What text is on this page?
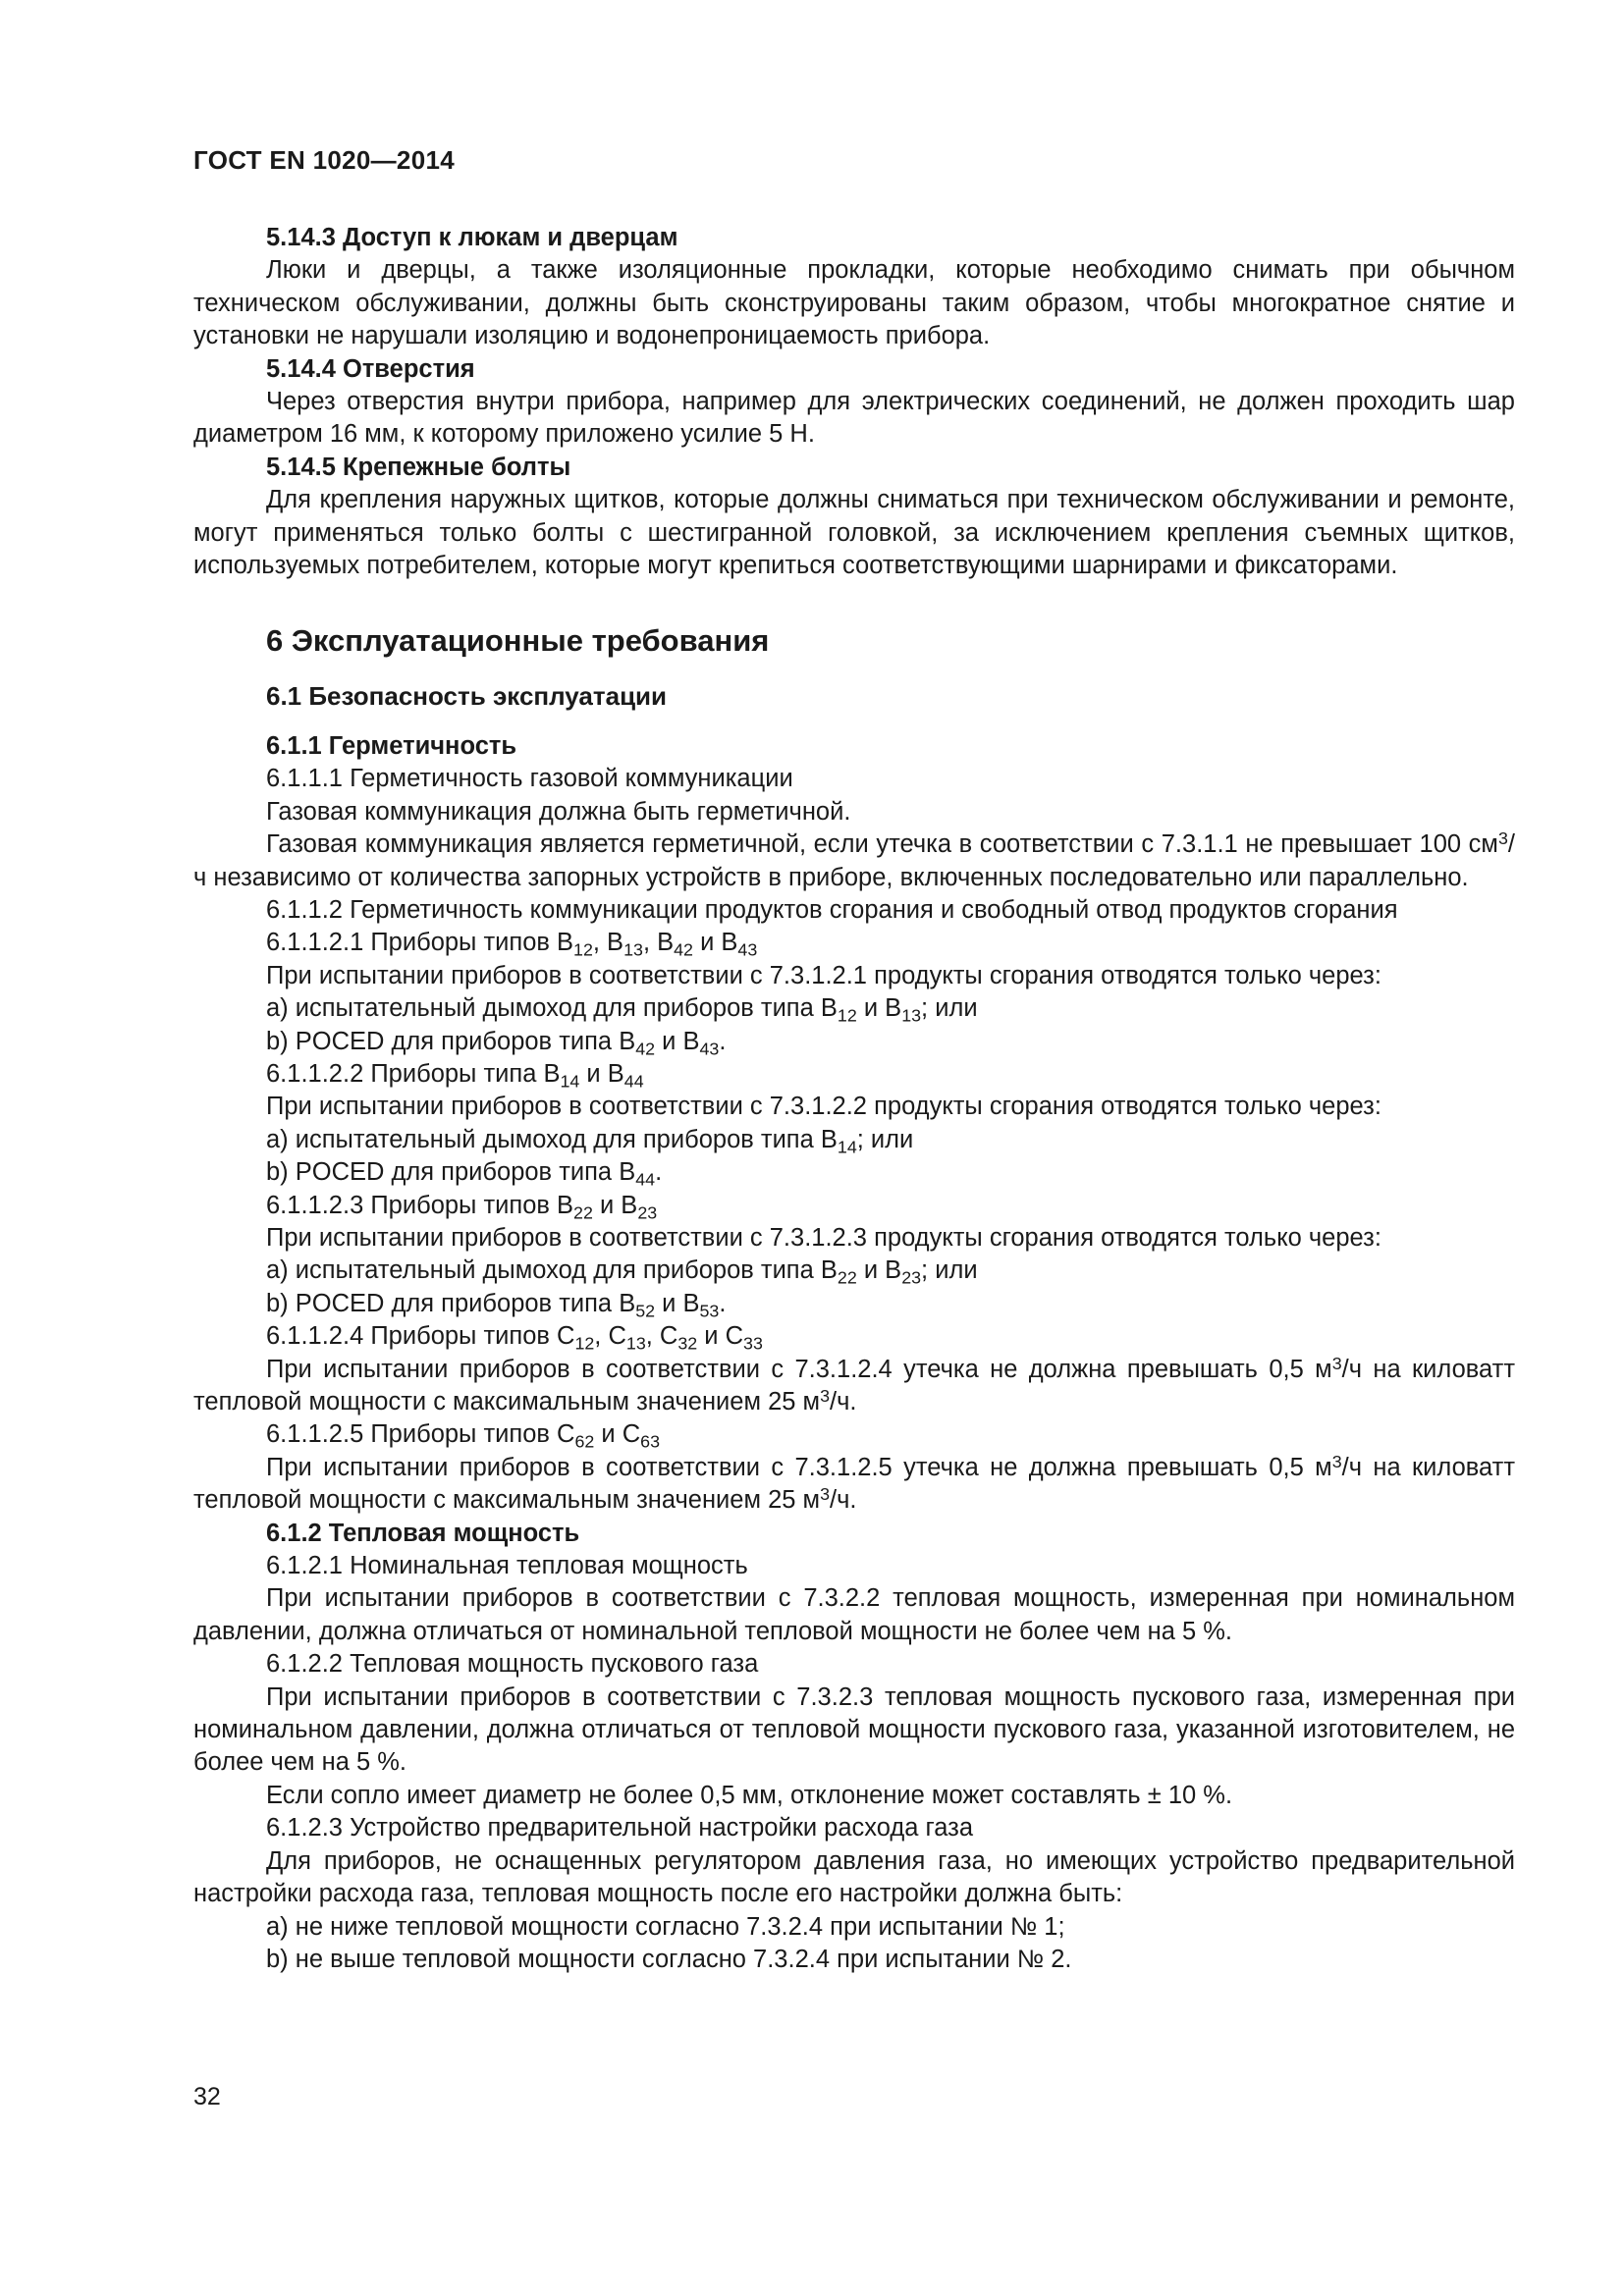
ГОСТ EN 1020—2014

5.14.3 Доступ к люкам и дверцам

Люки и дверцы, а также изоляционные прокладки, которые необходимо снимать при обычном техническом обслуживании, должны быть сконструированы таким образом, чтобы многократное снятие и установки не нарушали изоляцию и водонепроницаемость прибора.

5.14.4 Отверстия

Через отверстия внутри прибора, например для электрических соединений, не должен проходить шар диаметром 16 мм, к которому приложено усилие 5 Н.

5.14.5 Крепежные болты

Для крепления наружных щитков, которые должны сниматься при техническом обслуживании и ремонте, могут применяться только болты с шестигранной головкой, за исключением крепления съемных щитков, используемых потребителем, которые могут крепиться соответствующими шарнирами и фиксаторами.

6 Эксплуатационные требования

6.1 Безопасность эксплуатации

6.1.1 Герметичность

6.1.1.1 Герметичность газовой коммуникации

Газовая коммуникация должна быть герметичной.

Газовая коммуникация является герметичной, если утечка в соответствии с 7.3.1.1 не превышает 100 $см^3/ч$ независимо от количества запорных устройств в приборе, включенных последовательно или параллельно.

6.1.1.2 Герметичность коммуникации продуктов сгорания и свободный отвод продуктов сгорания

6.1.1.2.1 Приборы типов $B_{12}$, $B_{13}$, $B_{42}$ и $B_{43}$

При испытании приборов в соответствии с 7.3.1.2.1 продукты сгорания отводятся только через:

a) испытательный дымоход для приборов типа $B_{12}$ и $B_{13}$; или

b) POCED для приборов типа $B_{42}$ и $B_{43}$.

6.1.1.2.2 Приборы типа $B_{14}$ и $B_{44}$

При испытании приборов в соответствии с 7.3.1.2.2 продукты сгорания отводятся только через:

a) испытательный дымоход для приборов типа $B_{14}$; или

b) POCED для приборов типа $B_{44}$.

6.1.1.2.3 Приборы типов $B_{22}$ и $B_{23}$

При испытании приборов в соответствии с 7.3.1.2.3 продукты сгорания отводятся только через:

a) испытательный дымоход для приборов типа $B_{22}$ и $B_{23}$; или

b) POCED для приборов типа $B_{52}$ и $B_{53}$.

6.1.1.2.4 Приборы типов $C_{12}$, $C_{13}$, $C_{32}$ и $C_{33}$

При испытании приборов в соответствии с 7.3.1.2.4 утечка не должна превышать 0,5 $м^3/ч$ на киловатт тепловой мощности с максимальным значением 25 $м^3/ч$.

6.1.1.2.5 Приборы типов $C_{62}$ и $C_{63}$

При испытании приборов в соответствии с 7.3.1.2.5 утечка не должна превышать 0,5 $м^3/ч$ на киловатт тепловой мощности с максимальным значением 25 $м^3/ч$.

6.1.2 Тепловая мощность

6.1.2.1 Номинальная тепловая мощность

При испытании приборов в соответствии с 7.3.2.2 тепловая мощность, измеренная при номинальном давлении, должна отличаться от номинальной тепловой мощности не более чем на 5 %.

6.1.2.2 Тепловая мощность пускового газа

При испытании приборов в соответствии с 7.3.2.3 тепловая мощность пускового газа, измеренная при номинальном давлении, должна отличаться от тепловой мощности пускового газа, указанной изготовителем, не более чем на 5 %.

Если сопло имеет диаметр не более 0,5 мм, отклонение может составлять ± 10 %.

6.1.2.3 Устройство предварительной настройки расхода газа

Для приборов, не оснащенных регулятором давления газа, но имеющих устройство предварительной настройки расхода газа, тепловая мощность после его настройки должна быть:

a) не ниже тепловой мощности согласно 7.3.2.4 при испытании № 1;

b) не выше тепловой мощности согласно 7.3.2.4 при испытании № 2.

32
